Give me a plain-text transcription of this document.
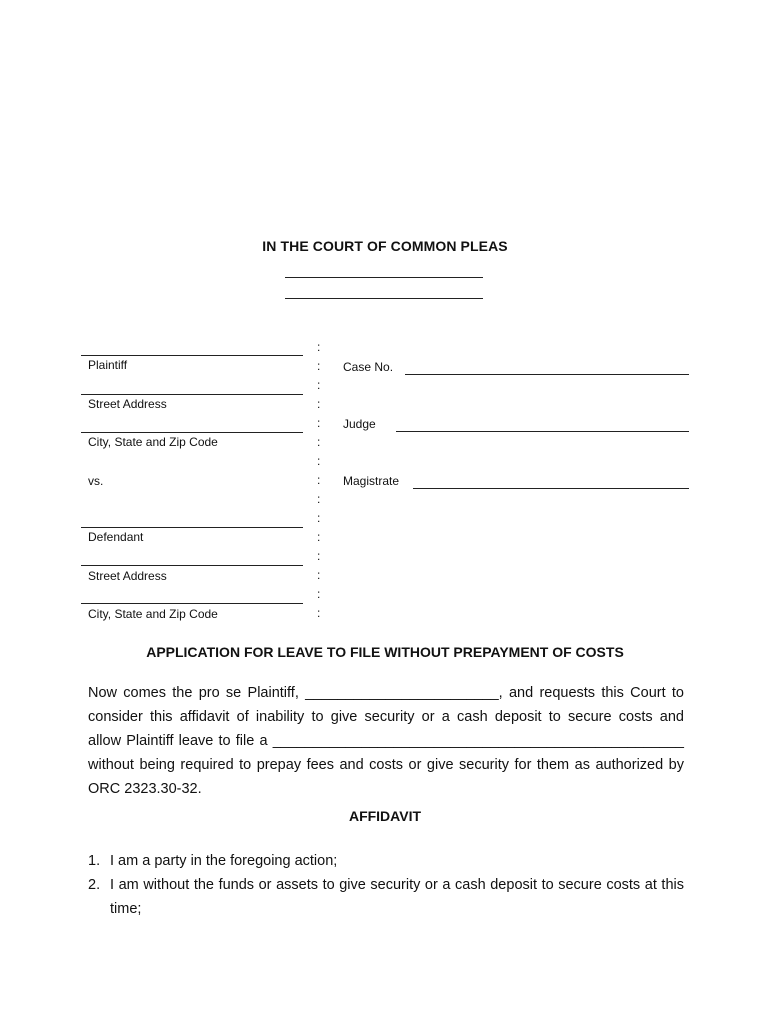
IN THE COURT OF COMMON PLEAS
Plaintiff
Street Address
City, State and Zip Code
vs.
Defendant
Street Address
City, State and Zip Code
:
:
:
:
:
:
:
:
:
:
:
:
:
:
:
Case No.
Judge
Magistrate
APPLICATION FOR LEAVE TO FILE WITHOUT PREPAYMENT OF COSTS
Now comes the pro se Plaintiff, ________________________, and requests this Court to
consider this affidavit of inability to give security or a cash deposit to secure costs and
allow Plaintiff leave to file a ___________________________________________________
without being required to prepay fees and costs or give security for them as authorized by
ORC 2323.30-32.
AFFIDAVIT
1. I am a party in the foregoing action;
2. I am without the funds or assets to give security or a cash deposit to secure costs at this time;
